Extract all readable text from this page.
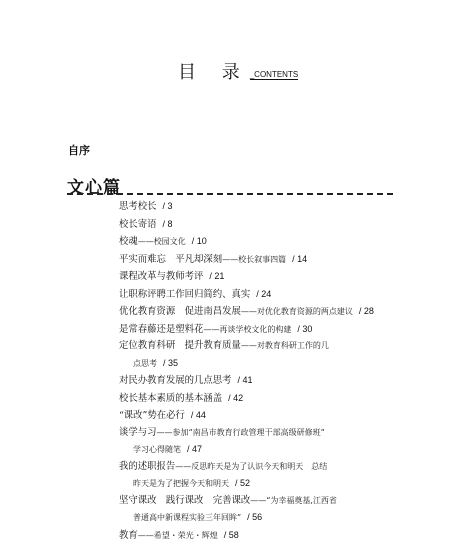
目 录 _CONTENTS
自序
文心篇
思考校长 / 3
校长寄语 / 8
校魂——校园文化 / 10
平实而难忘　平凡却深刻——校长叙事四篇 / 14
课程改革与教师考评 / 21
让职称评聘工作回归简约、真实 / 24
优化教育资源　促进南昌发展——对优化教育资源的两点建议 / 28
是常春藤还是塑料花——再谈学校文化的构建 / 30
定位教育科研　提升教育质量——对教育科研工作的几
点思考 / 35
对民办教育发展的几点思考 / 41
校长基本素质的基本涵盖 / 42
“课改”势在必行 / 44
谈学与习——参加“南昌市教育行政管理干部高级研修班”
学习心得随笔 / 47
我的述职报告——反思昨天是为了认识今天和明天　总结
昨天是为了把握今天和明天 / 52
坚守课改　践行课改　完善课改——“为幸福奠基,江西省
普通高中新课程实验三年回眸” / 56
教育——希望・荣光・辉煌 / 58
